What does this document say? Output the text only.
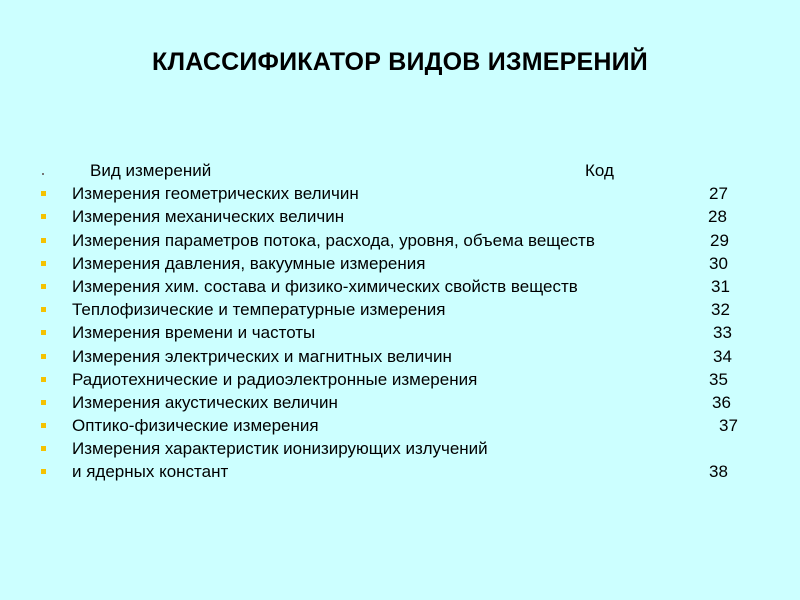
КЛАССИФИКАТОР ВИДОВ ИЗМЕРЕНИЙ
Вид измерений	Код
Измерения геометрических величин	27
Измерения механических величин	28
Измерения параметров потока, расхода, уровня, объема веществ	29
Измерения давления, вакуумные измерения	30
Измерения хим. состава и физико-химических свойств веществ	31
Теплофизические и температурные измерения	32
Измерения времени и частоты	33
Измерения электрических и магнитных величин	34
Радиотехнические и радиоэлектронные измерения	35
Измерения акустических величин	36
Оптико-физические измерения	37
Измерения характеристик ионизирующих излучений
и ядерных констант	38
